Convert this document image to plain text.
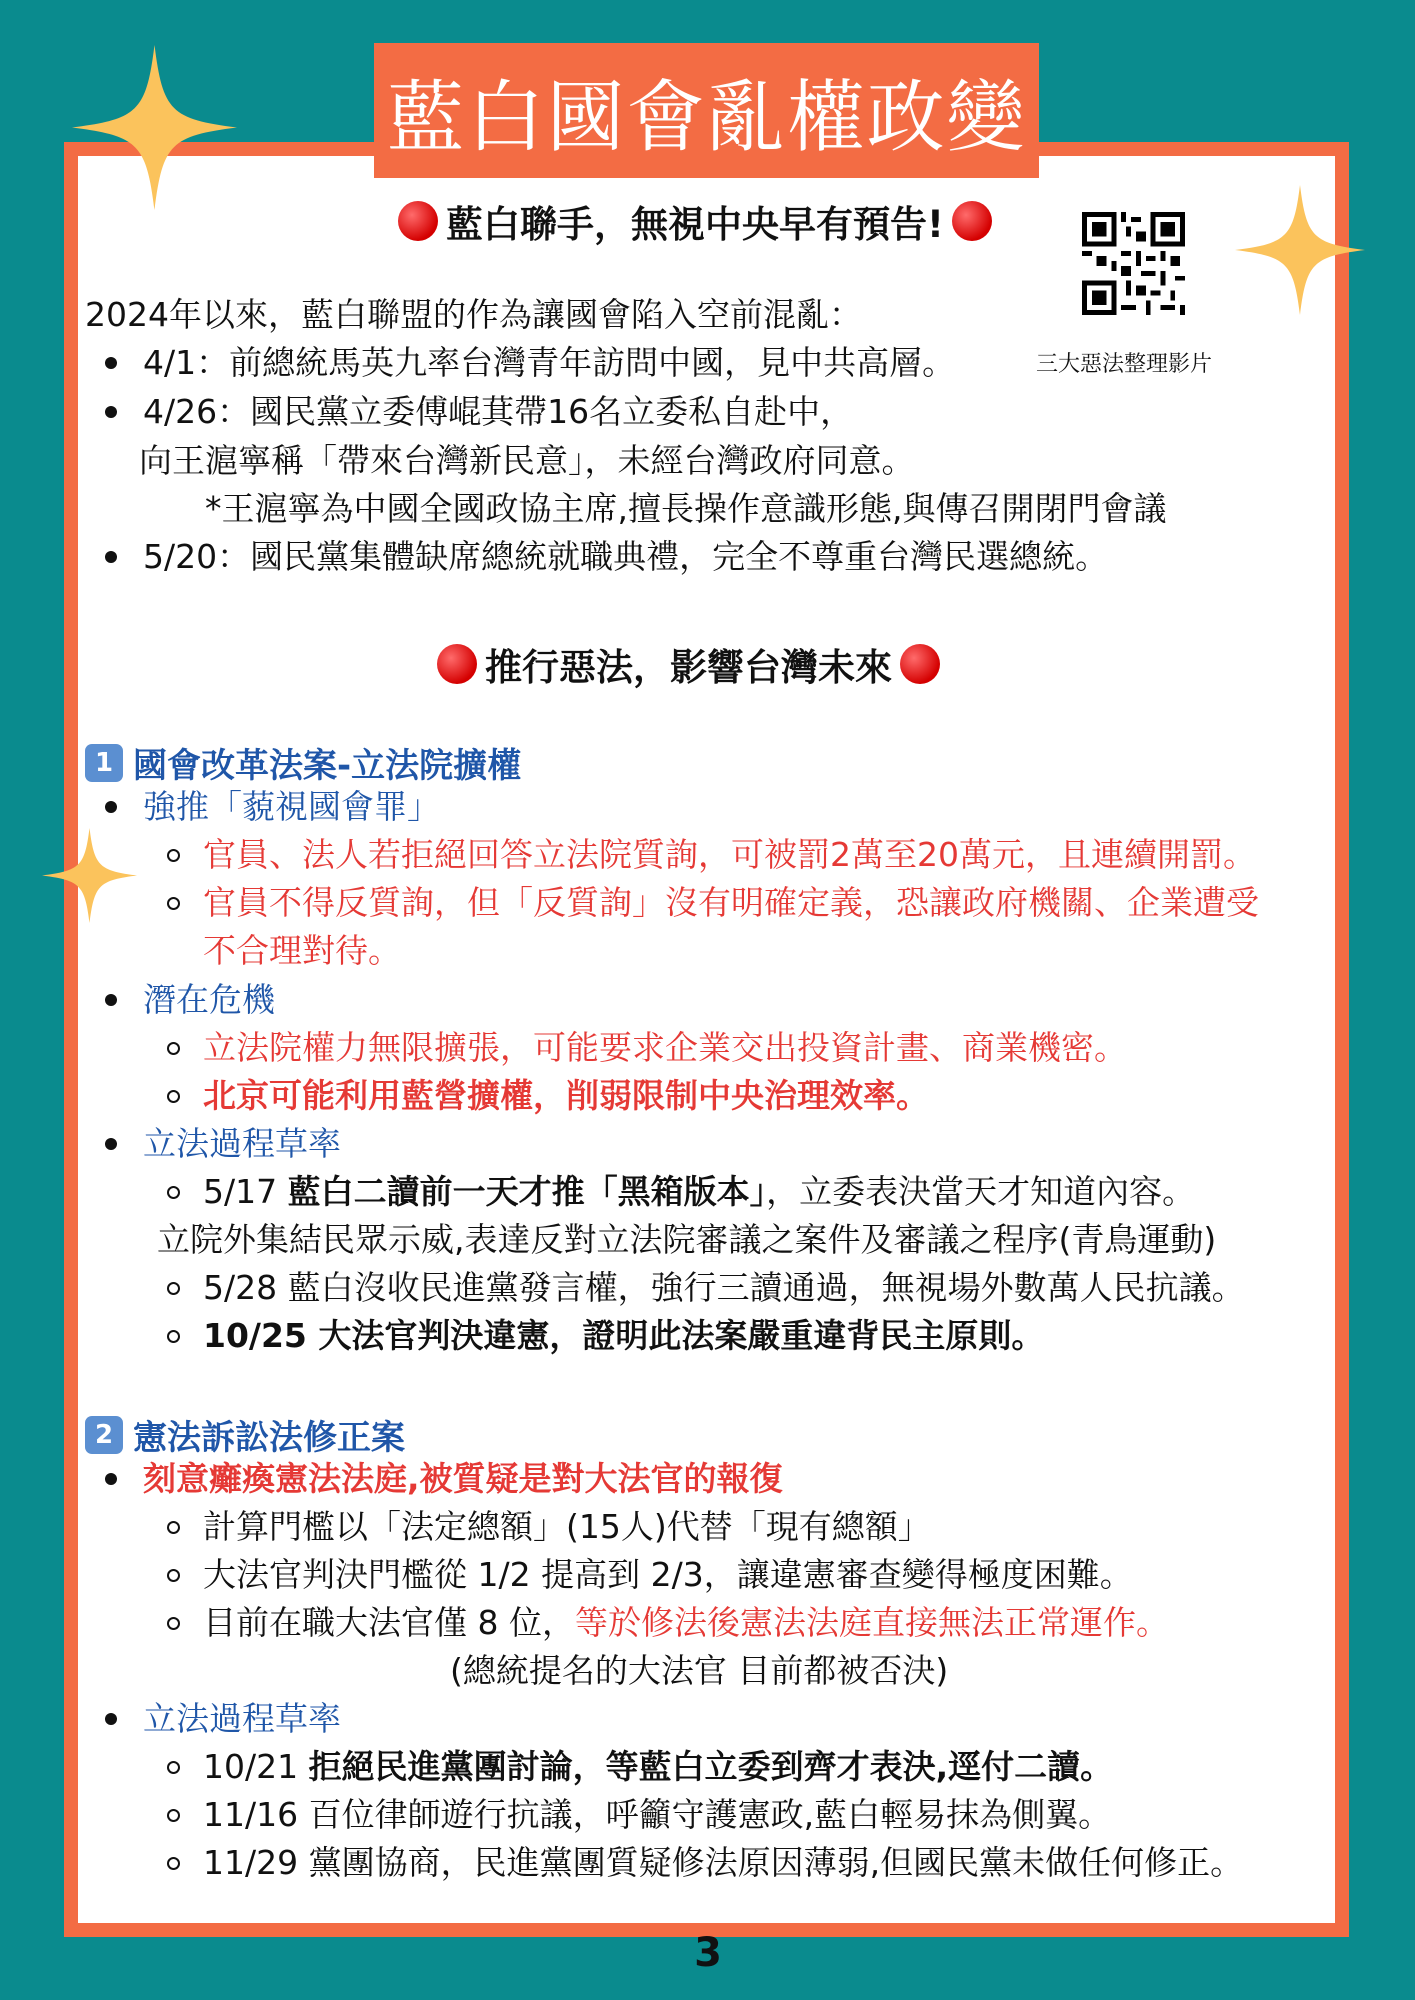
藍白國會亂權政變
藍白聯手，無視中央早有預告!
三大惡法整理影片
2024年以來，藍白聯盟的作為讓國會陷入空前混亂：
4/1：前總統馬英九率台灣青年訪問中國，見中共高層。
4/26：國民黨立委傅崐萁帶16名立委私自赴中，
向王滬寧稱「帶來台灣新民意」，未經台灣政府同意。
*王滬寧為中國全國政協主席,擅長操作意識形態,與傳召開閉門會議
5/20：國民黨集體缺席總統就職典禮，完全不尊重台灣民選總統。
推行惡法，影響台灣未來
1 國會改革法案-立法院擴權
強推「藐視國會罪」
官員、法人若拒絕回答立法院質詢，可被罰2萬至20萬元，且連續開罰。
官員不得反質詢，但「反質詢」沒有明確定義，恐讓政府機關、企業遭受
不合理對待。
潛在危機
立法院權力無限擴張，可能要求企業交出投資計畫、商業機密。
北京可能利用藍營擴權，削弱限制中央治理效率。
立法過程草率
5/17 藍白二讀前一天才推「黑箱版本」，立委表決當天才知道內容。
立院外集結民眾示威,表達反對立法院審議之案件及審議之程序(青鳥運動)
5/28 藍白沒收民進黨發言權，強行三讀通過，無視場外數萬人民抗議。
10/25 大法官判決違憲，證明此法案嚴重違背民主原則。
2 憲法訴訟法修正案
刻意癱瘓憲法法庭,被質疑是對大法官的報復
計算門檻以「法定總額」(15人)代替「現有總額」
大法官判決門檻從 1/2 提高到 2/3，讓違憲審查變得極度困難。
目前在職大法官僅 8 位，等於修法後憲法法庭直接無法正常運作。
(總統提名的大法官 目前都被否決)
立法過程草率
10/21 拒絕民進黨團討論，等藍白立委到齊才表決,逕付二讀。
11/16 百位律師遊行抗議，呼籲守護憲政,藍白輕易抹為側翼。
11/29 黨團協商，民進黨團質疑修法原因薄弱,但國民黨未做任何修正。
3
